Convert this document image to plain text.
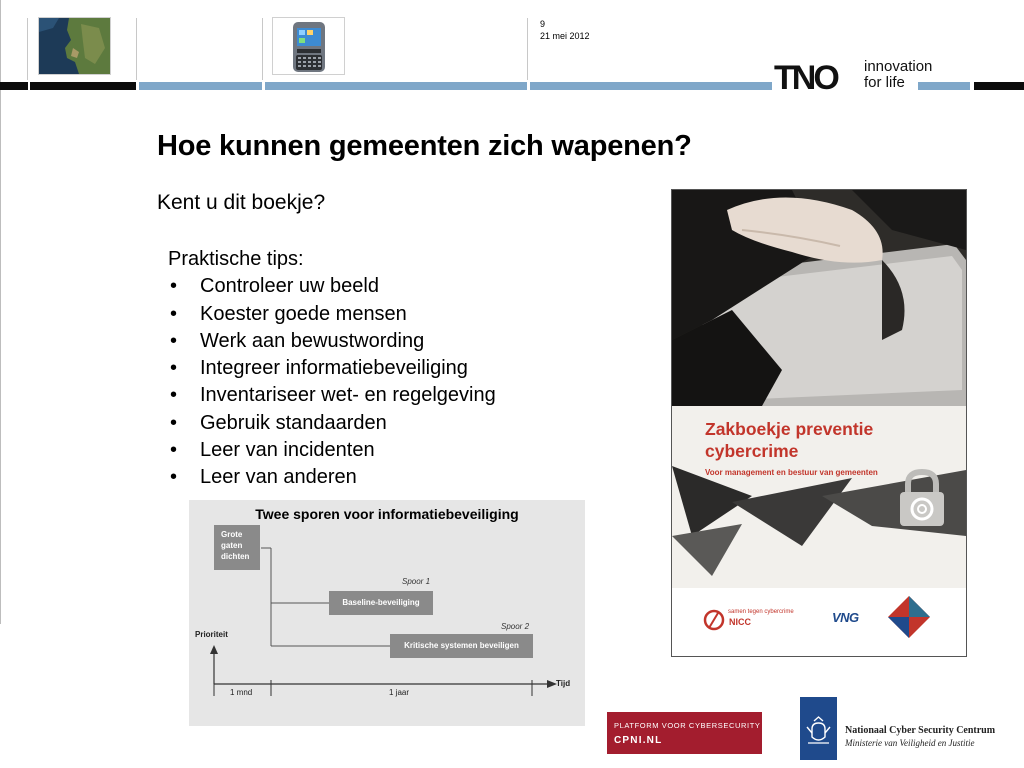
9
21 mei 2012
TNO innovation
for life
Hoe kunnen gemeenten zich wapenen?
Kent u dit boekje?
Praktische tips:
• Controleer uw beeld
• Koester goede mensen
• Werk aan bewustwording
• Integreer informatiebeveiliging
• Inventariseer wet- en regelgeving
• Gebruik standaarden
• Leer van incidenten
• Leer van anderen
Twee sporen voor informatiebeveiliging
Grote
gaten
dichten
Spoor 1
Baseline-beveiliging
Spoor 2
Kritische systemen beveiligen
Prioriteit
Tijd
1 mnd	1 jaar
Zakboekje preventie
cybercrime
Voor management en bestuur van gemeenten
samen tegen cybercrime
NICC	VNG
PLATFORM VOOR CYBERSECURITY
CPNI.NL
Nationaal Cyber Security Centrum
Ministerie van Veiligheid en Justitie
